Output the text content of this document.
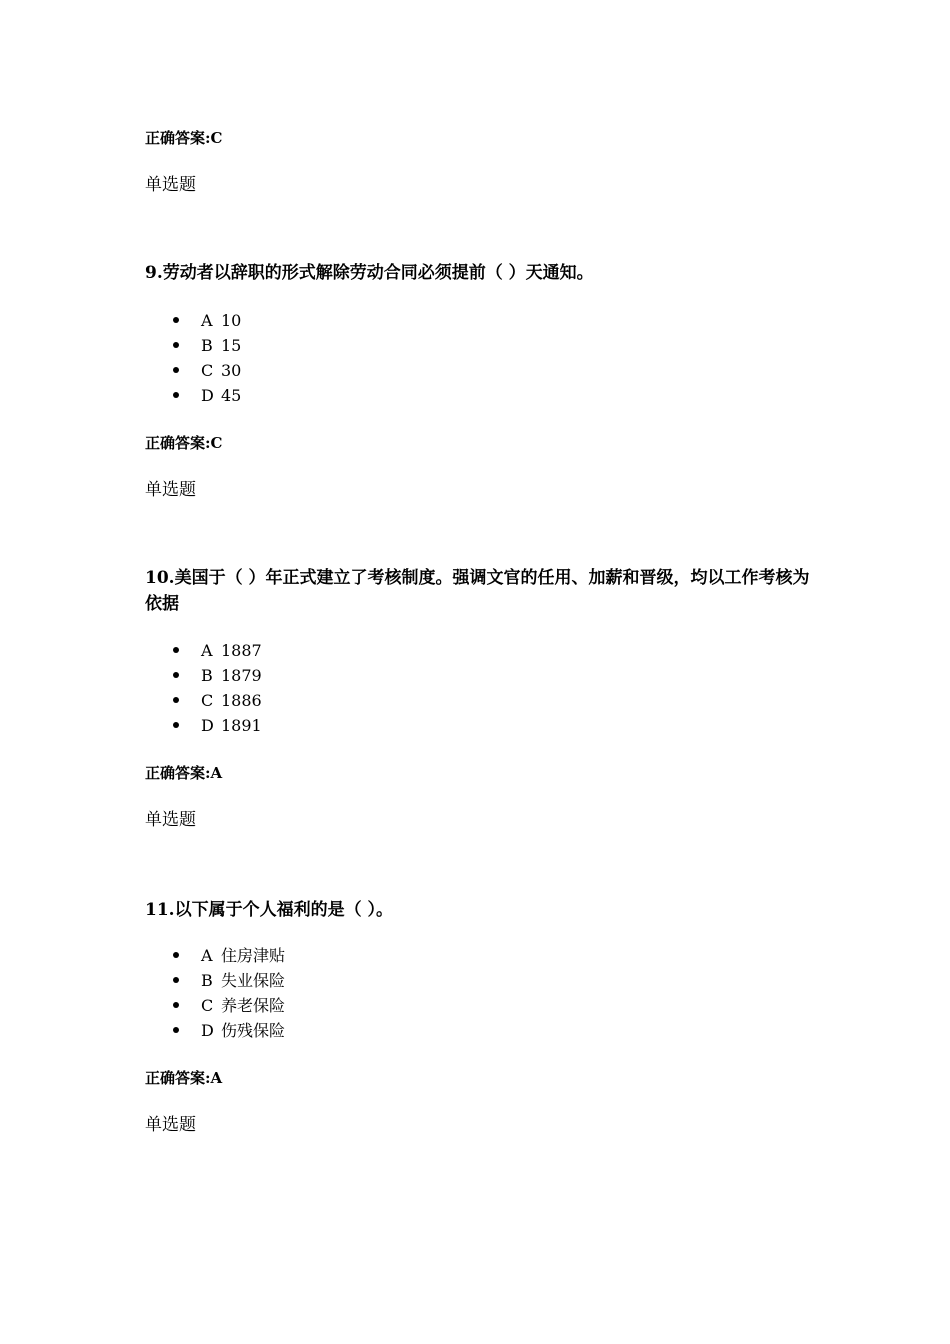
正确答案:C
单选题
9.劳动者以辞职的形式解除劳动合同必须提前（ ）天通知。
A 10
B 15
C 30
D 45
正确答案:C
单选题
10.美国于（ ）年正式建立了考核制度。强调文官的任用、加薪和晋级，均以工作考核为依据
A 1887
B 1879
C 1886
D 1891
正确答案:A
单选题
11.以下属于个人福利的是（ ）。
A 住房津贴
B 失业保险
C 养老保险
D 伤残保险
正确答案:A
单选题
